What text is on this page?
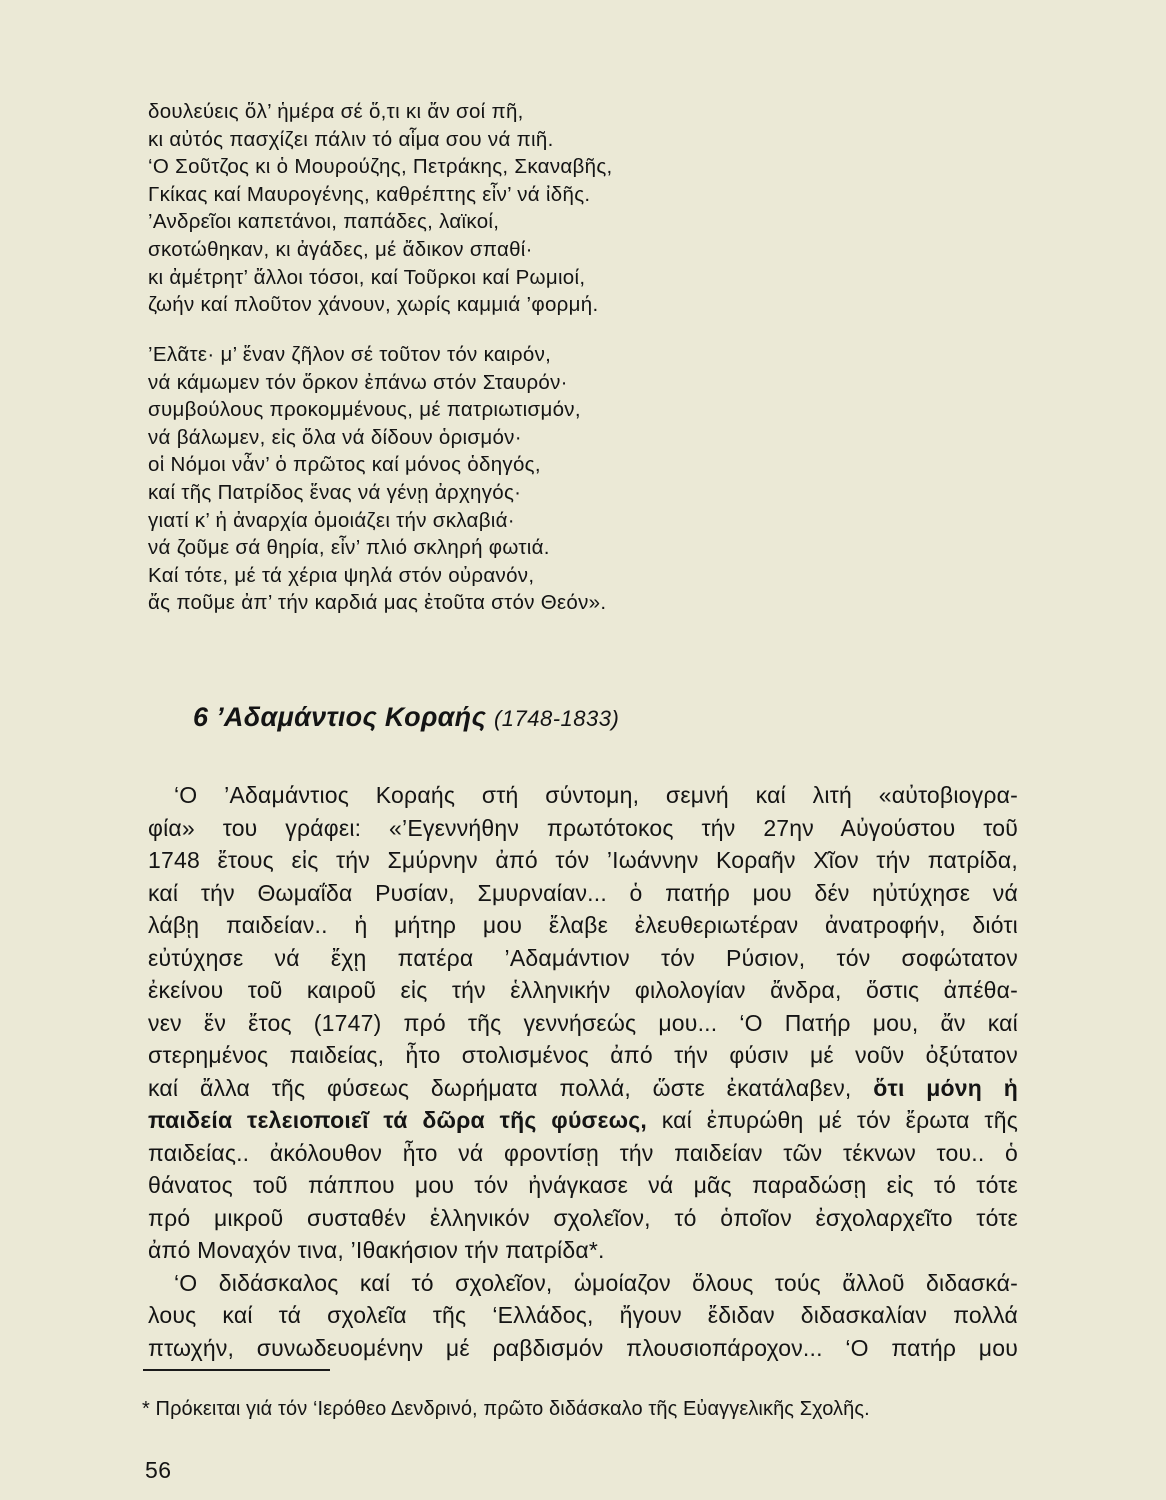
δουλεύεις ὅλ’ ἡμέρα σέ ὅ,τι κι ἄν σοί πῆ,
κι αὐτός πασχίζει πάλιν τό αἷμα σου νά πιῆ.
‘Ο Σοῦτζος κι ὁ Μουρούζης, Πετράκης, Σκαναβῆς,
Γκίκας καί Μαυρογένης, καθρέπτης εἶν’ νά ἰδῆς.
’Ανδρεῖοι καπετάνοι, παπάδες, λαϊκοί,
σκοτώθηκαν, κι ἀγάδες, μέ ἄδικον σπαθί·
κι ἀμέτρητ’ ἄλλοι τόσοι, καί Τοῦρκοι καί Ρωμιοί,
ζωήν καί πλοῦτον χάνουν, χωρίς καμμιά ’φορμή.
’Ελᾶτε· μ’ ἕναν ζῆλον σέ τοῦτον τόν καιρόν,
νά κάμωμεν τόν ὅρκον ἐπάνω στόν Σταυρόν·
συμβούλους προκομμένους, μέ πατριωτισμόν,
νά βάλωμεν, εἰς ὅλα νά δίδουν ὁρισμόν·
οἱ Νόμοι νἆν’ ὁ πρῶτος καί μόνος ὁδηγός,
καί τῆς Πατρίδος ἕνας νά γένῃ ἀρχηγός·
γιατί κ’ ἡ ἀναρχία ὁμοιάζει τήν σκλαβιά·
νά ζοῦμε σά θηρία, εἶν’ πλιό σκληρή φωτιά.
Καί τότε, μέ τά χέρια ψηλά στόν οὐρανόν,
ἄς ποῦμε ἀπ’ τήν καρδιά μας ἐτοῦτα στόν Θεόν».
6 ’Αδαμάντιος Κοραής (1748-1833)
‘Ο ’Αδαμάντιος Κοραής στή σύντομη, σεμνή καί λιτή «αὐτοβιογρα-
φία» του γράφει: «’Εγεννήθην πρωτότοκος τήν 27ην Αὐγούστου τοῦ
1748 ἔτους εἰς τήν Σμύρνην ἀπό τόν ’Ιωάννην Κοραῆν Χῖον τήν πατρίδα,
καί τήν Θωμαΐδα Ρυσίαν, Σμυρναίαν... ὁ πατήρ μου δέν ηὐτύχησε νά
λάβῃ παιδείαν.. ἡ μήτηρ μου ἔλαβε ἐλευθεριωτέραν ἀνατροφήν, διότι
εὐτύχησε νά ἔχῃ πατέρα ’Αδαμάντιον τόν Ρύσιον, τόν σοφώτατον
ἐκείνου τοῦ καιροῦ εἰς τήν ἑλληνικήν φιλολογίαν ἄνδρα, ὅστις ἀπέθα-
νεν ἕν ἔτος (1747) πρό τῆς γεννήσεώς μου... ‘Ο Πατήρ μου, ἄν καί
στερημένος παιδείας, ἦτο στολισμένος ἀπό τήν φύσιν μέ νοῦν ὀξύτατον
καί ἄλλα τῆς φύσεως δωρήματα πολλά, ὥστε ἐκατάλαβεν, ὅτι μόνη ἡ
παιδεία τελειοποιεῖ τά δῶρα τῆς φύσεως, καί ἐπυρώθη μέ τόν ἔρωτα τῆς
παιδείας.. ἀκόλουθον ἦτο νά φροντίσῃ τήν παιδείαν τῶν τέκνων του.. ὁ
θάνατος τοῦ πάππου μου τόν ἠνάγκασε νά μᾶς παραδώσῃ εἰς τό τότε
πρό μικροῦ συσταθέν ἑλληνικόν σχολεῖον, τό ὁποῖον ἐσχολαρχεῖτο τότε
ἀπό Μοναχόν τινα, ’Ιθακήσιον τήν πατρίδα*.
‘Ο διδάσκαλος καί τό σχολεῖον, ὡμοίαζον ὅλους τούς ἄλλοῦ διδασκά-
λους καί τά σχολεῖα τῆς ‘Ελλάδος, ἤγουν ἔδιδαν διδασκαλίαν πολλά
πτωχήν, συνωδευομένην μέ ραβδισμόν πλουσιοπάροχον... ‘Ο πατήρ μου
* Πρόκειται γιά τόν ‘Ιερόθεο Δενδρινό, πρῶτο διδάσκαλο τῆς Εὐαγγελικῆς Σχολῆς.
56
